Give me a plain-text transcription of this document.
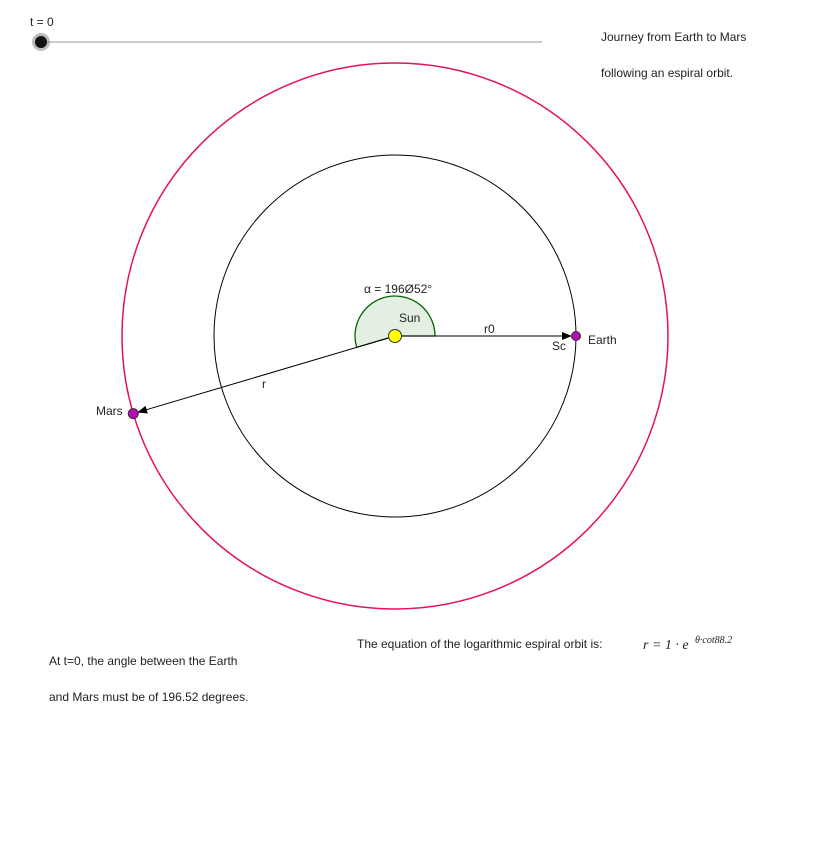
t = 0

Journey from Earth to Mars

following an espiral orbit.

At t=0, the angle between the Earth

and Mars must be of 196.52 degrees.

The equation of the logarithmic espiral orbit is:
α = 196Ø52°
Sun
r0
r
Sc Earth
Mars
r = 1 · e θ·cot88.2
